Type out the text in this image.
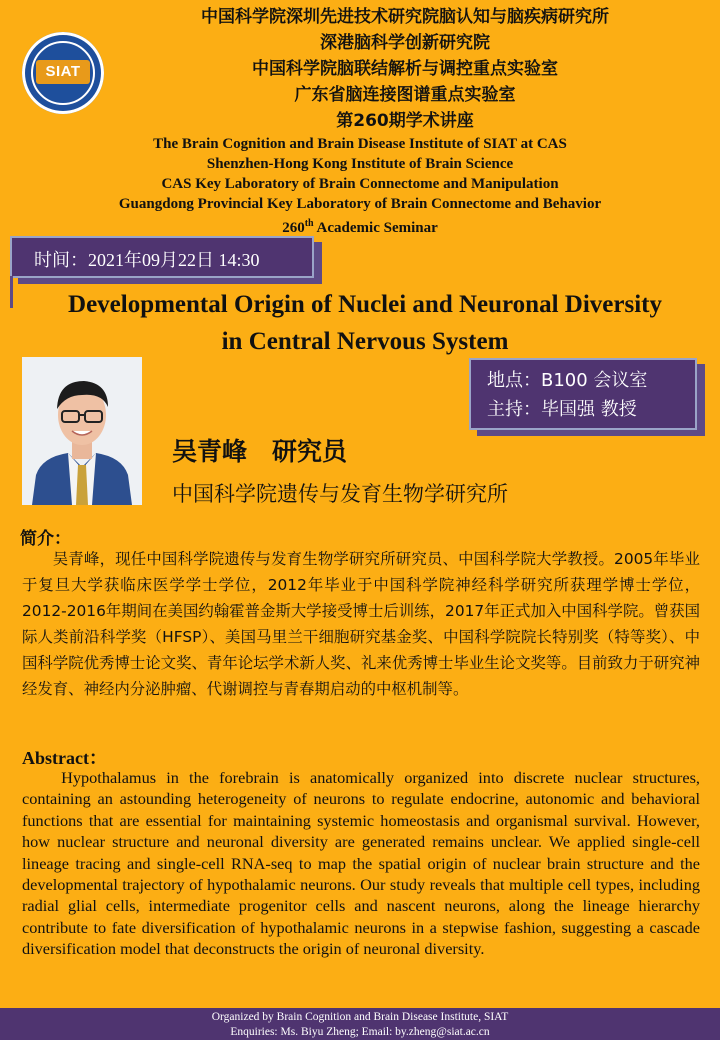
SIAT
中国科学院深圳先进技术研究院脑认知与脑疾病研究所
深港脑科学创新研究院
中国科学院脑联结解析与调控重点实验室
广东省脑连接图谱重点实验室
第260期学术讲座
The Brain Cognition and Brain Disease Institute of SIAT at CAS
Shenzhen-Hong Kong Institute of Brain Science
CAS Key Laboratory of Brain Connectome and Manipulation
Guangdong Provincial Key Laboratory of Brain Connectome and Behavior
260th Academic Seminar
时间：2021年09月22日 14:30
Developmental Origin of Nuclei and Neuronal Diversity
in Central Nervous System
地点：B100 会议室
主持：毕国强 教授
吴青峰　研究员
中国科学院遗传与发育生物学研究所
简介：
吴青峰，现任中国科学院遗传与发育生物学研究所研究员、中国科学院大学教授。2005年毕业于复旦大学获临床医学学士学位，2012年毕业于中国科学院神经科学研究所获理学博士学位，2012-2016年期间在美国约翰霍普金斯大学接受博士后训练，2017年正式加入中国科学院。曾获国际人类前沿科学奖（HFSP）、美国马里兰干细胞研究基金奖、中国科学院院长特别奖（特等奖）、中国科学院优秀博士论文奖、青年论坛学术新人奖、礼来优秀博士毕业生论文奖等。目前致力于研究神经发育、神经内分泌肿瘤、代谢调控与青春期启动的中枢机制等。
Abstract：
Hypothalamus in the forebrain is anatomically organized into discrete nuclear structures, containing an astounding heterogeneity of neurons to regulate endocrine, autonomic and behavioral functions that are essential for maintaining systemic homeostasis and organismal survival. However, how nuclear structure and neuronal diversity are generated remains unclear. We applied single-cell lineage tracing and single-cell RNA-seq to map the spatial origin of nuclear brain structure and the developmental trajectory of hypothalamic neurons. Our study reveals that multiple cell types, including radial glial cells, intermediate progenitor cells and nascent neurons, along the lineage hierarchy contribute to fate diversification of hypothalamic neurons in a stepwise fashion, suggesting a cascade diversification model that deconstructs the origin of neuronal diversity.
Organized by Brain Cognition and Brain Disease Institute, SIAT
Enquiries: Ms. Biyu Zheng; Email: by.zheng@siat.ac.cn
